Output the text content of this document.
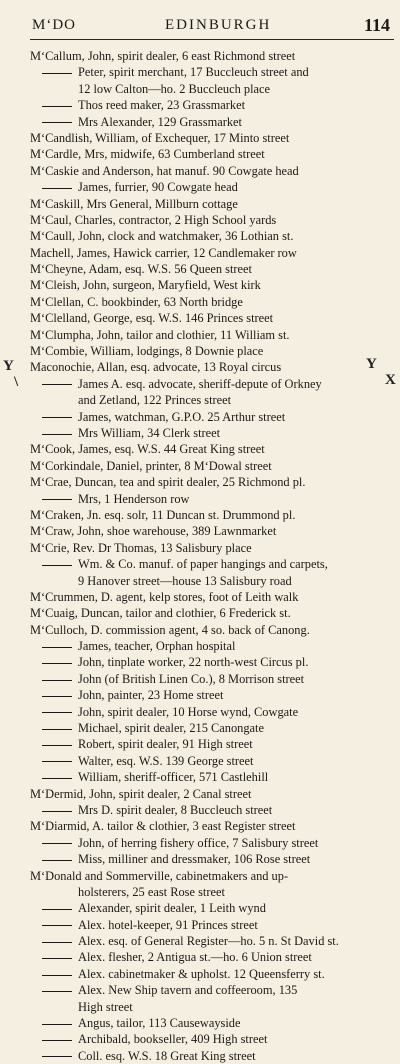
M‘DO	EDINBURGH	114
Y
\
Y
X
M‘Callum, John, spirit dealer, 6 east Richmond street
Peter, spirit merchant, 17 Buccleuch street and
12 low Calton—ho. 2 Buccleuch place
Thos reed maker, 23 Grassmarket
Mrs Alexander, 129 Grassmarket
M‘Candlish, William, of Exchequer, 17 Minto street
M‘Cardle, Mrs, midwife, 63 Cumberland street
M‘Caskie and Anderson, hat manuf. 90 Cowgate head
James, furrier, 90 Cowgate head
M‘Caskill, Mrs General, Millburn cottage
M‘Caul, Charles, contractor, 2 High School yards
M‘Caull, John, clock and watchmaker, 36 Lothian st.
Machell, James, Hawick carrier, 12 Candlemaker row
M‘Cheyne, Adam, esq. W.S. 56 Queen street
M‘Cleish, John, surgeon, Maryfield, West kirk
M‘Clellan, C. bookbinder, 63 North bridge
M‘Clelland, George, esq. W.S. 146 Princes street
M‘Clumpha, John, tailor and clothier, 11 William st.
M‘Combie, William, lodgings, 8 Downie place
Maconochie, Allan, esq. advocate, 13 Royal circus
James A. esq. advocate, sheriff-depute of Orkney
and Zetland, 122 Princes street
James, watchman, G.P.O. 25 Arthur street
Mrs William, 34 Clerk street
M‘Cook, James, esq. W.S. 44 Great King street
M‘Corkindale, Daniel, printer, 8 M‘Dowal street
M‘Crae, Duncan, tea and spirit dealer, 25 Richmond pl.
Mrs, 1 Henderson row
M‘Craken, Jn. esq. solr, 11 Duncan st. Drummond pl.
M‘Craw, John, shoe warehouse, 389 Lawnmarket
M‘Crie, Rev. Dr Thomas, 13 Salisbury place
Wm. & Co. manuf. of paper hangings and carpets,
9 Hanover street—house 13 Salisbury road
M‘Crummen, D. agent, kelp stores, foot of Leith walk
M‘Cuaig, Duncan, tailor and clothier, 6 Frederick st.
M‘Culloch, D. commission agent, 4 so. back of Canong.
James, teacher, Orphan hospital
John, tinplate worker, 22 north-west Circus pl.
John (of British Linen Co.), 8 Morrison street
John, painter, 23 Home street
John, spirit dealer, 10 Horse wynd, Cowgate
Michael, spirit dealer, 215 Canongate
Robert, spirit dealer, 91 High street
Walter, esq. W.S. 139 George street
William, sheriff-officer, 571 Castlehill
M‘Dermid, John, spirit dealer, 2 Canal street
Mrs D. spirit dealer, 8 Buccleuch street
M‘Diarmid, A. tailor & clothier, 3 east Register street
John, of herring fishery office, 7 Salisbury street
Miss, milliner and dressmaker, 106 Rose street
M‘Donald and Sommerville, cabinetmakers and up-
holsterers, 25 east Rose street
Alexander, spirit dealer, 1 Leith wynd
Alex. hotel-keeper, 91 Princes street
Alex. esq. of General Register—ho. 5 n. St David st.
Alex. flesher, 2 Antigua st.—ho. 6 Union street
Alex. cabinetmaker & upholst. 12 Queensferry st.
Alex. New Ship tavern and coffeeroom, 135
High street
Angus, tailor, 113 Causewayside
Archibald, bookseller, 409 High street
Coll. esq. W.S. 18 Great King street
